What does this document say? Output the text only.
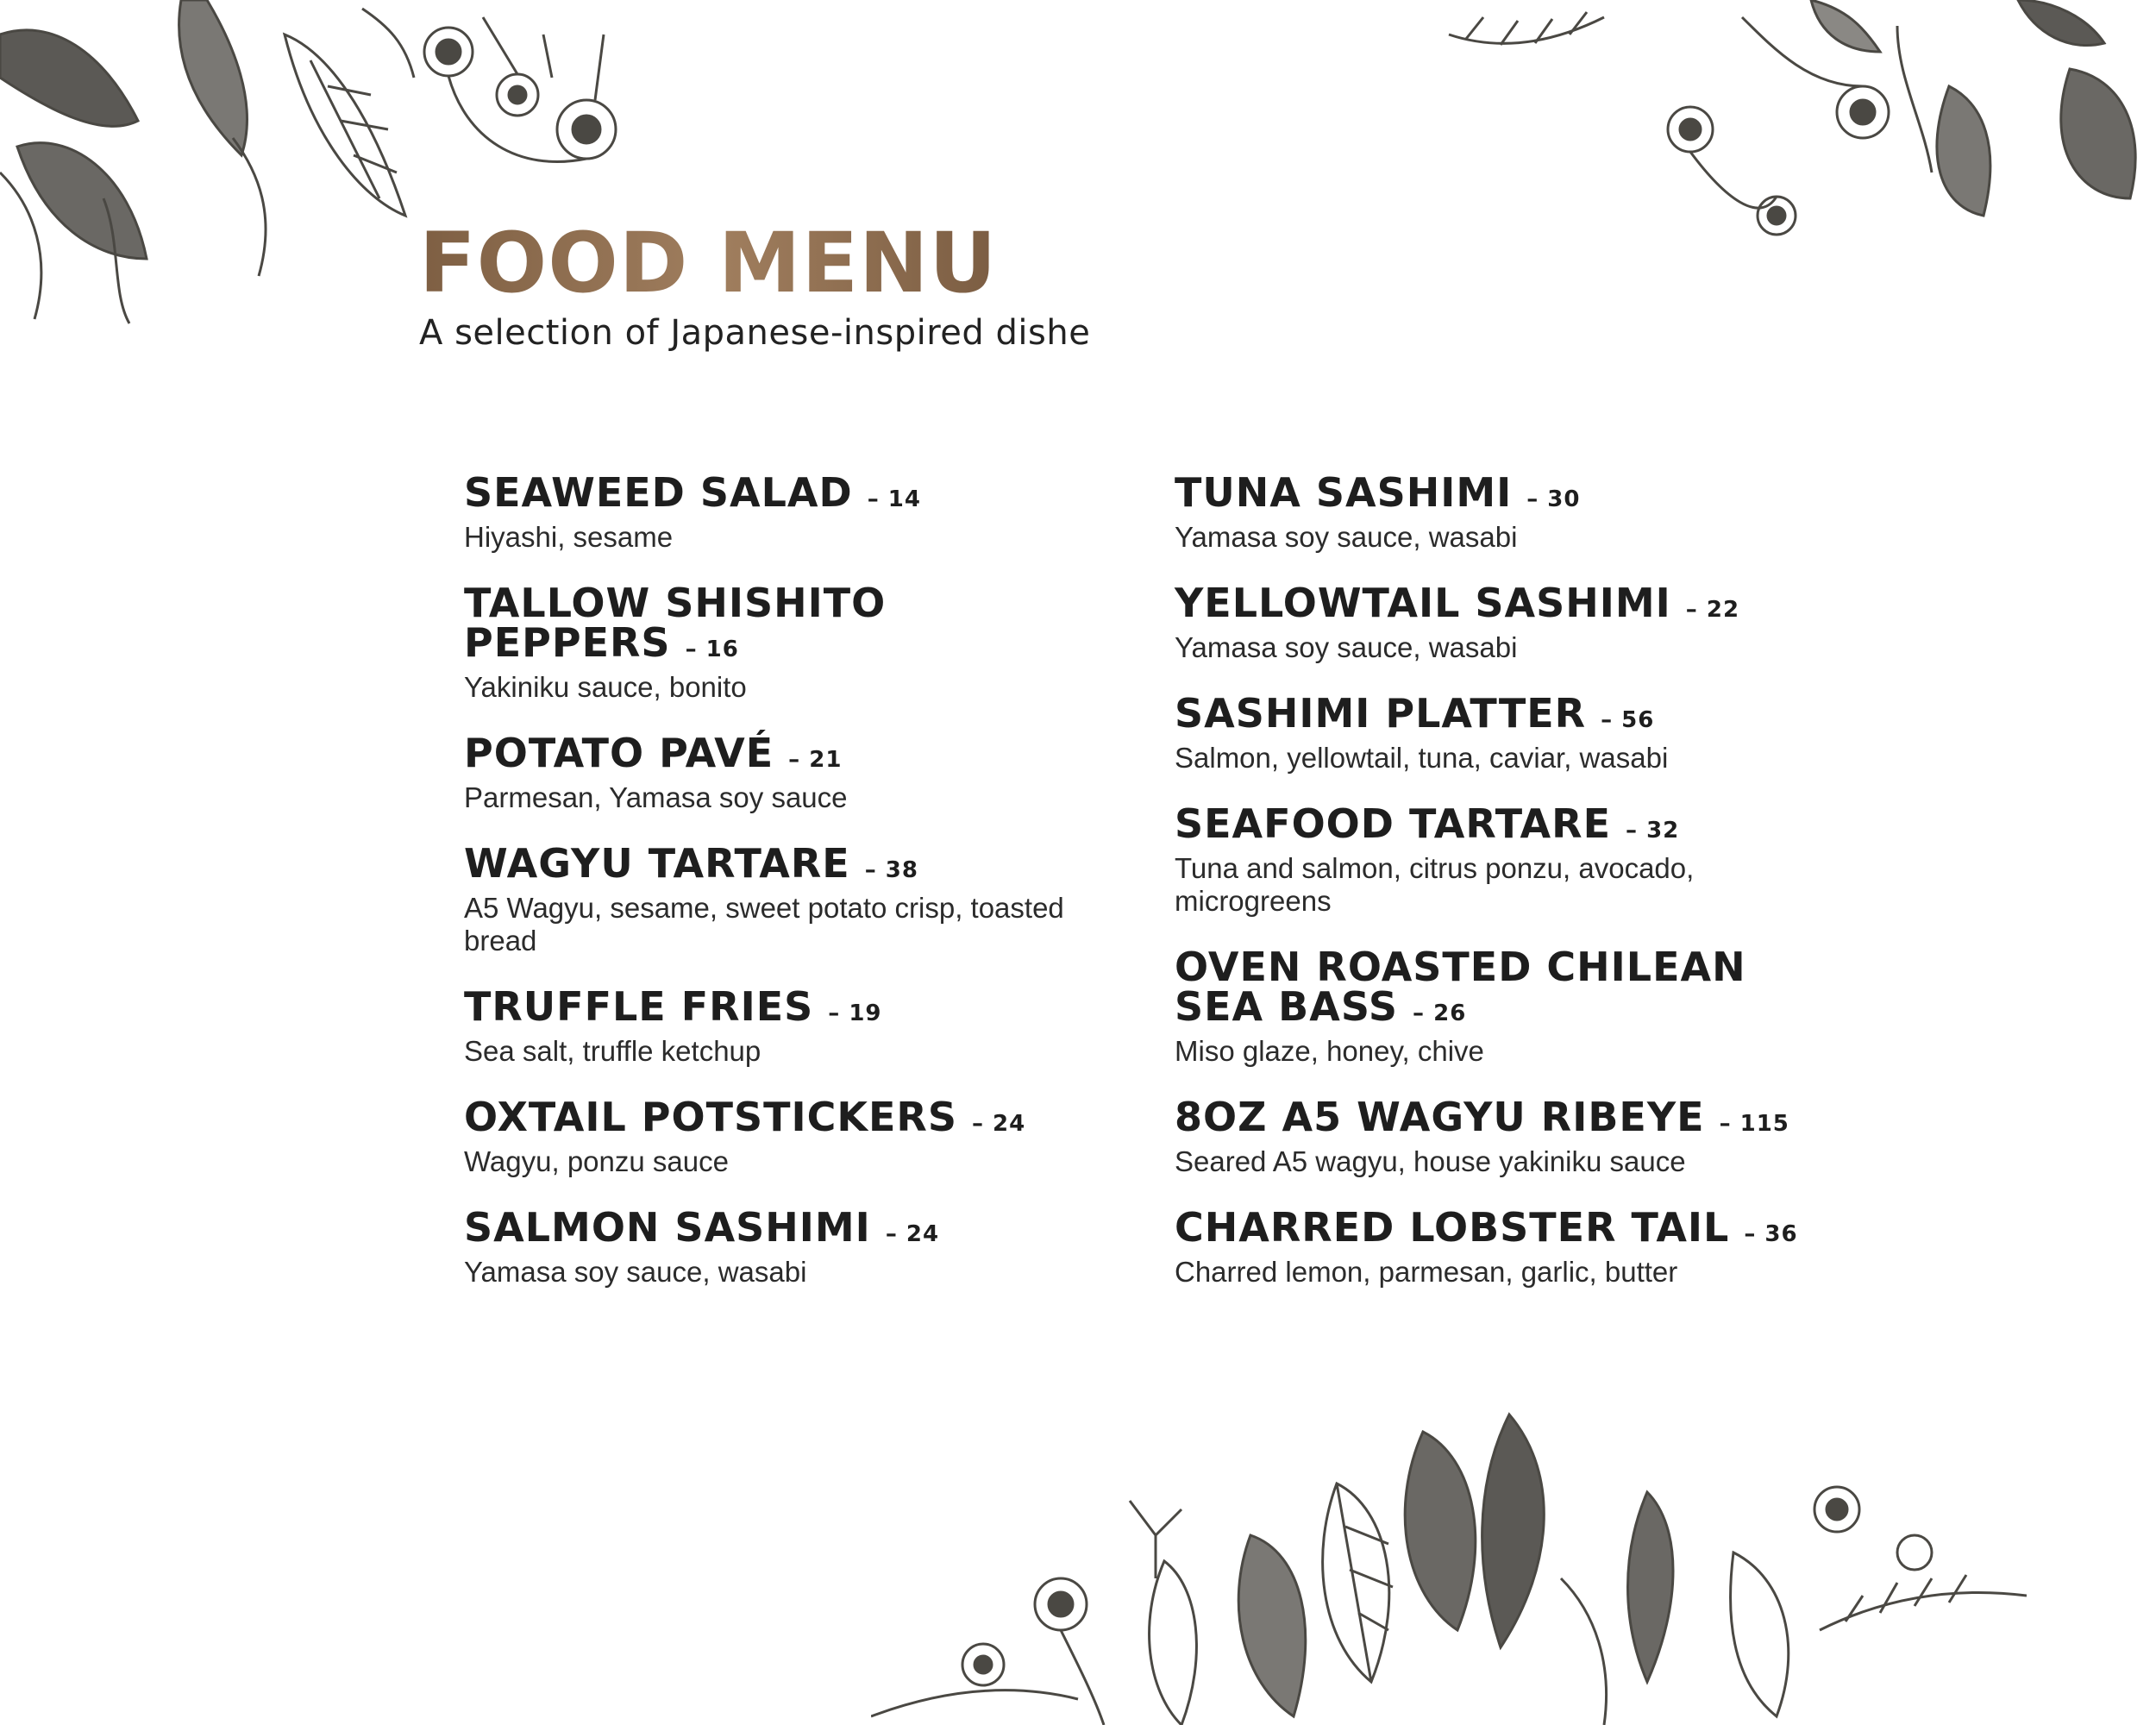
FOOD MENU
A selection of Japanese-inspired dishe
SEAWEED SALAD – 14
Hiyashi, sesame
TALLOW SHISHITO PEPPERS – 16
Yakiniku sauce, bonito
POTATO PAVÉ – 21
Parmesan, Yamasa soy sauce
WAGYU TARTARE – 38
A5 Wagyu, sesame, sweet potato crisp, toasted bread
TRUFFLE FRIES – 19
Sea salt, truffle ketchup
OXTAIL POTSTICKERS – 24
Wagyu, ponzu sauce
SALMON SASHIMI – 24
Yamasa soy sauce, wasabi
TUNA SASHIMI – 30
Yamasa soy sauce, wasabi
YELLOWTAIL SASHIMI – 22
Yamasa soy sauce, wasabi
SASHIMI PLATTER – 56
Salmon, yellowtail, tuna, caviar, wasabi
SEAFOOD TARTARE – 32
Tuna and salmon, citrus ponzu, avocado, microgreens
OVEN ROASTED CHILEAN SEA BASS – 26
Miso glaze, honey, chive
8OZ A5 WAGYU RIBEYE – 115
Seared A5 wagyu, house yakiniku sauce
CHARRED LOBSTER TAIL – 36
Charred lemon, parmesan, garlic, butter
